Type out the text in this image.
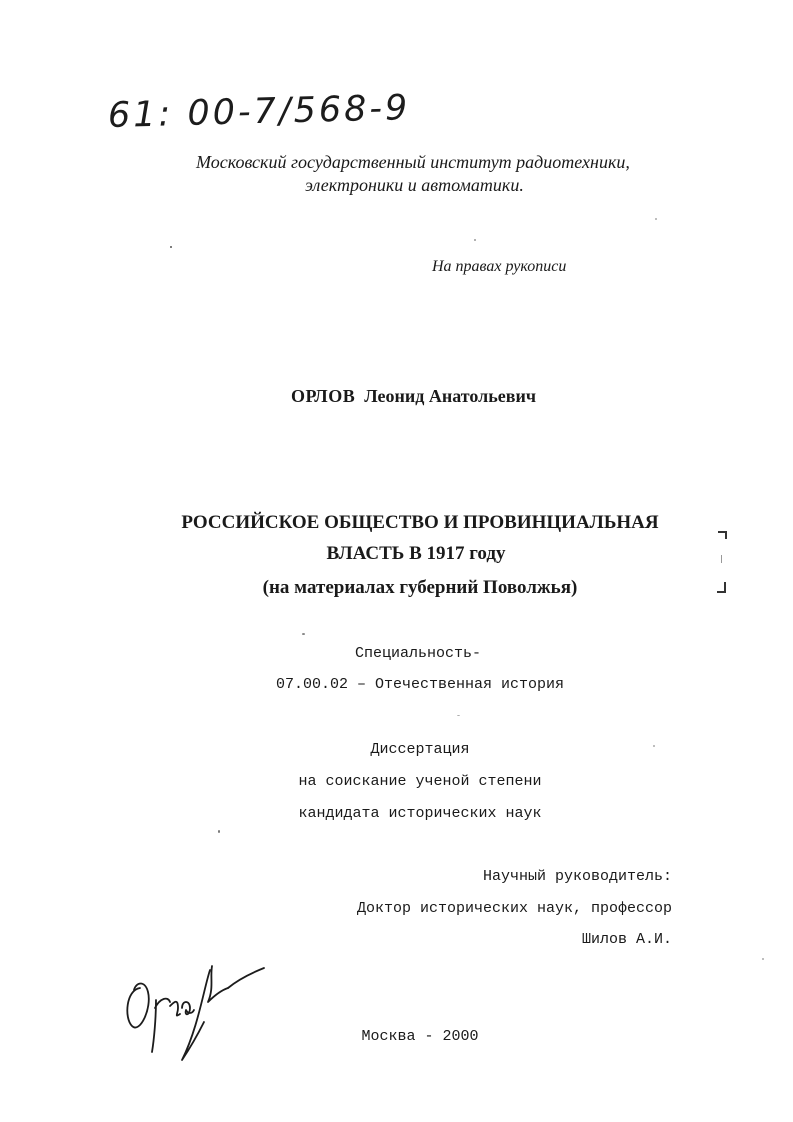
61: 00-7/568-9

Московский государственный институт радиотехники,

электроники и автоматики.

На правах рукописи

ОРЛОВ Леонид Анатольевич

РОССИЙСКОЕ ОБЩЕСТВО И ПРОВИНЦИАЛЬНАЯ

ВЛАСТЬ В 1917 году

(на материалах губерний Поволжья)

Специальность-

07.00.02 – Отечественная история

Диссертация

на соискание ученой степени

кандидата исторических наук

Научный руководитель:

Доктор исторических наук, профессор

Шилов А.И.

Москва - 2000
